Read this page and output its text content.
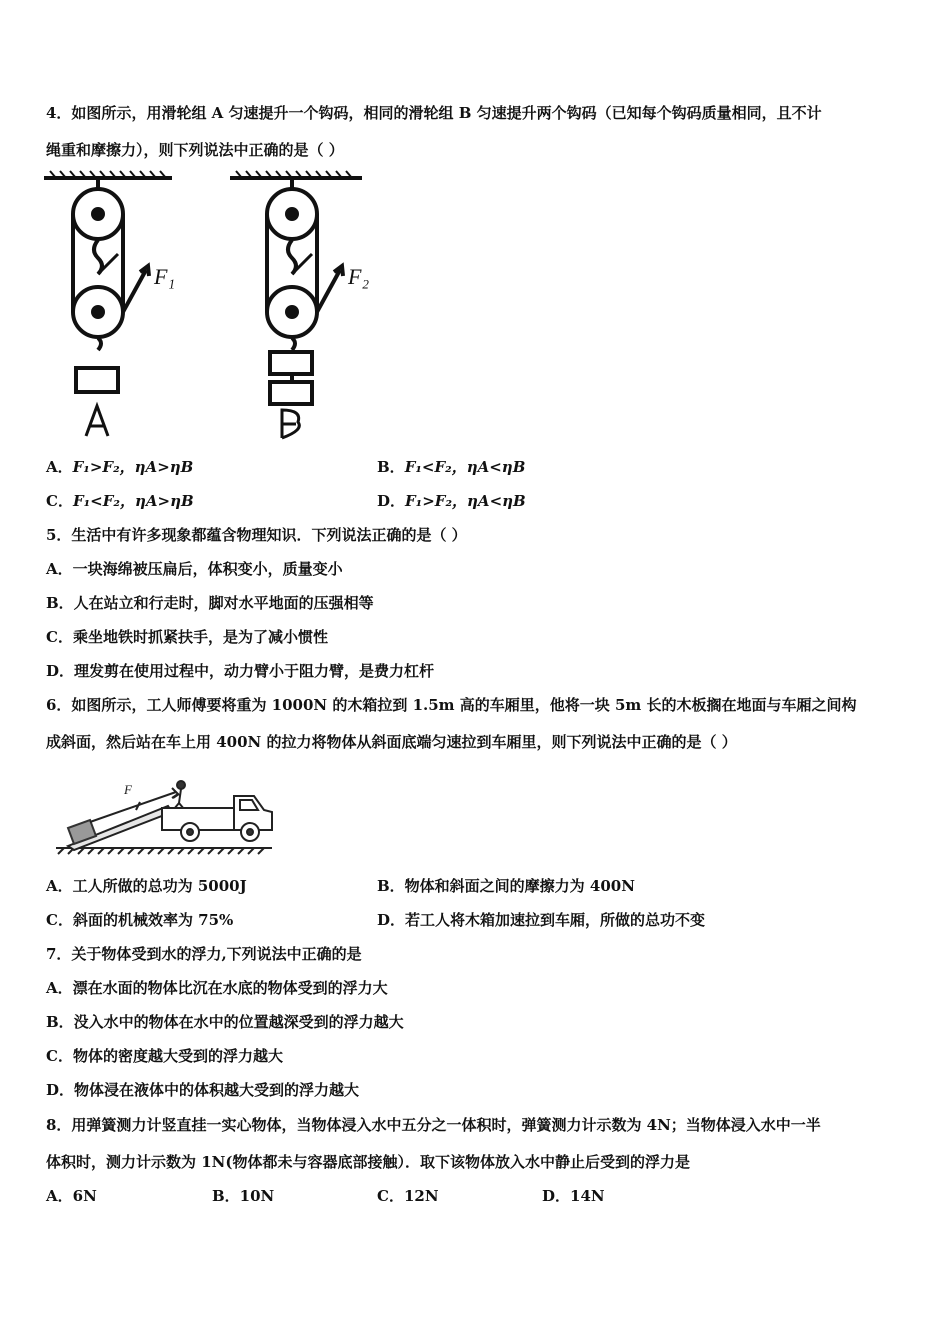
4．如图所示，用滑轮组 A 匀速提升一个钩码，相同的滑轮组 B 匀速提升两个钩码（已知每个钩码质量相同，且不计
绳重和摩擦力），则下列说法中正确的是（ ）
F₁
A
F₂
B
A．F₁>F₂，ηA>ηB	B．F₁<F₂，ηA<ηB
C．F₁<F₂，ηA>ηB	D．F₁>F₂，ηA<ηB
5．生活中有许多现象都蕴含物理知识．下列说法正确的是（ ）
A．一块海绵被压扁后，体积变小，质量变小
B．人在站立和行走时，脚对水平地面的压强相等
C．乘坐地铁时抓紧扶手，是为了减小惯性
D．理发剪在使用过程中，动力臂小于阻力臂，是费力杠杆
6．如图所示，工人师傅要将重为 1000N 的木箱拉到 1.5m 高的车厢里，他将一块 5m 长的木板搁在地面与车厢之间构
成斜面，然后站在车上用 400N 的拉力将物体从斜面底端匀速拉到车厢里，则下列说法中正确的是（ ）
F
A．工人所做的总功为 5000J	B．物体和斜面之间的摩擦力为 400N
C．斜面的机械效率为 75%	D．若工人将木箱加速拉到车厢，所做的总功不变
7．关于物体受到水的浮力,下列说法中正确的是
A．漂在水面的物体比沉在水底的物体受到的浮力大
B．没入水中的物体在水中的位置越深受到的浮力越大
C．物体的密度越大受到的浮力越大
D．物体浸在液体中的体积越大受到的浮力越大
8．用弹簧测力计竖直挂一实心物体，当物体浸入水中五分之一体积时，弹簧测力计示数为 4N；当物体浸入水中一半
体积时，测力计示数为 1N(物体都未与容器底部接触）．取下该物体放入水中静止后受到的浮力是
A．6N	B．10N	C．12N	D．14N
